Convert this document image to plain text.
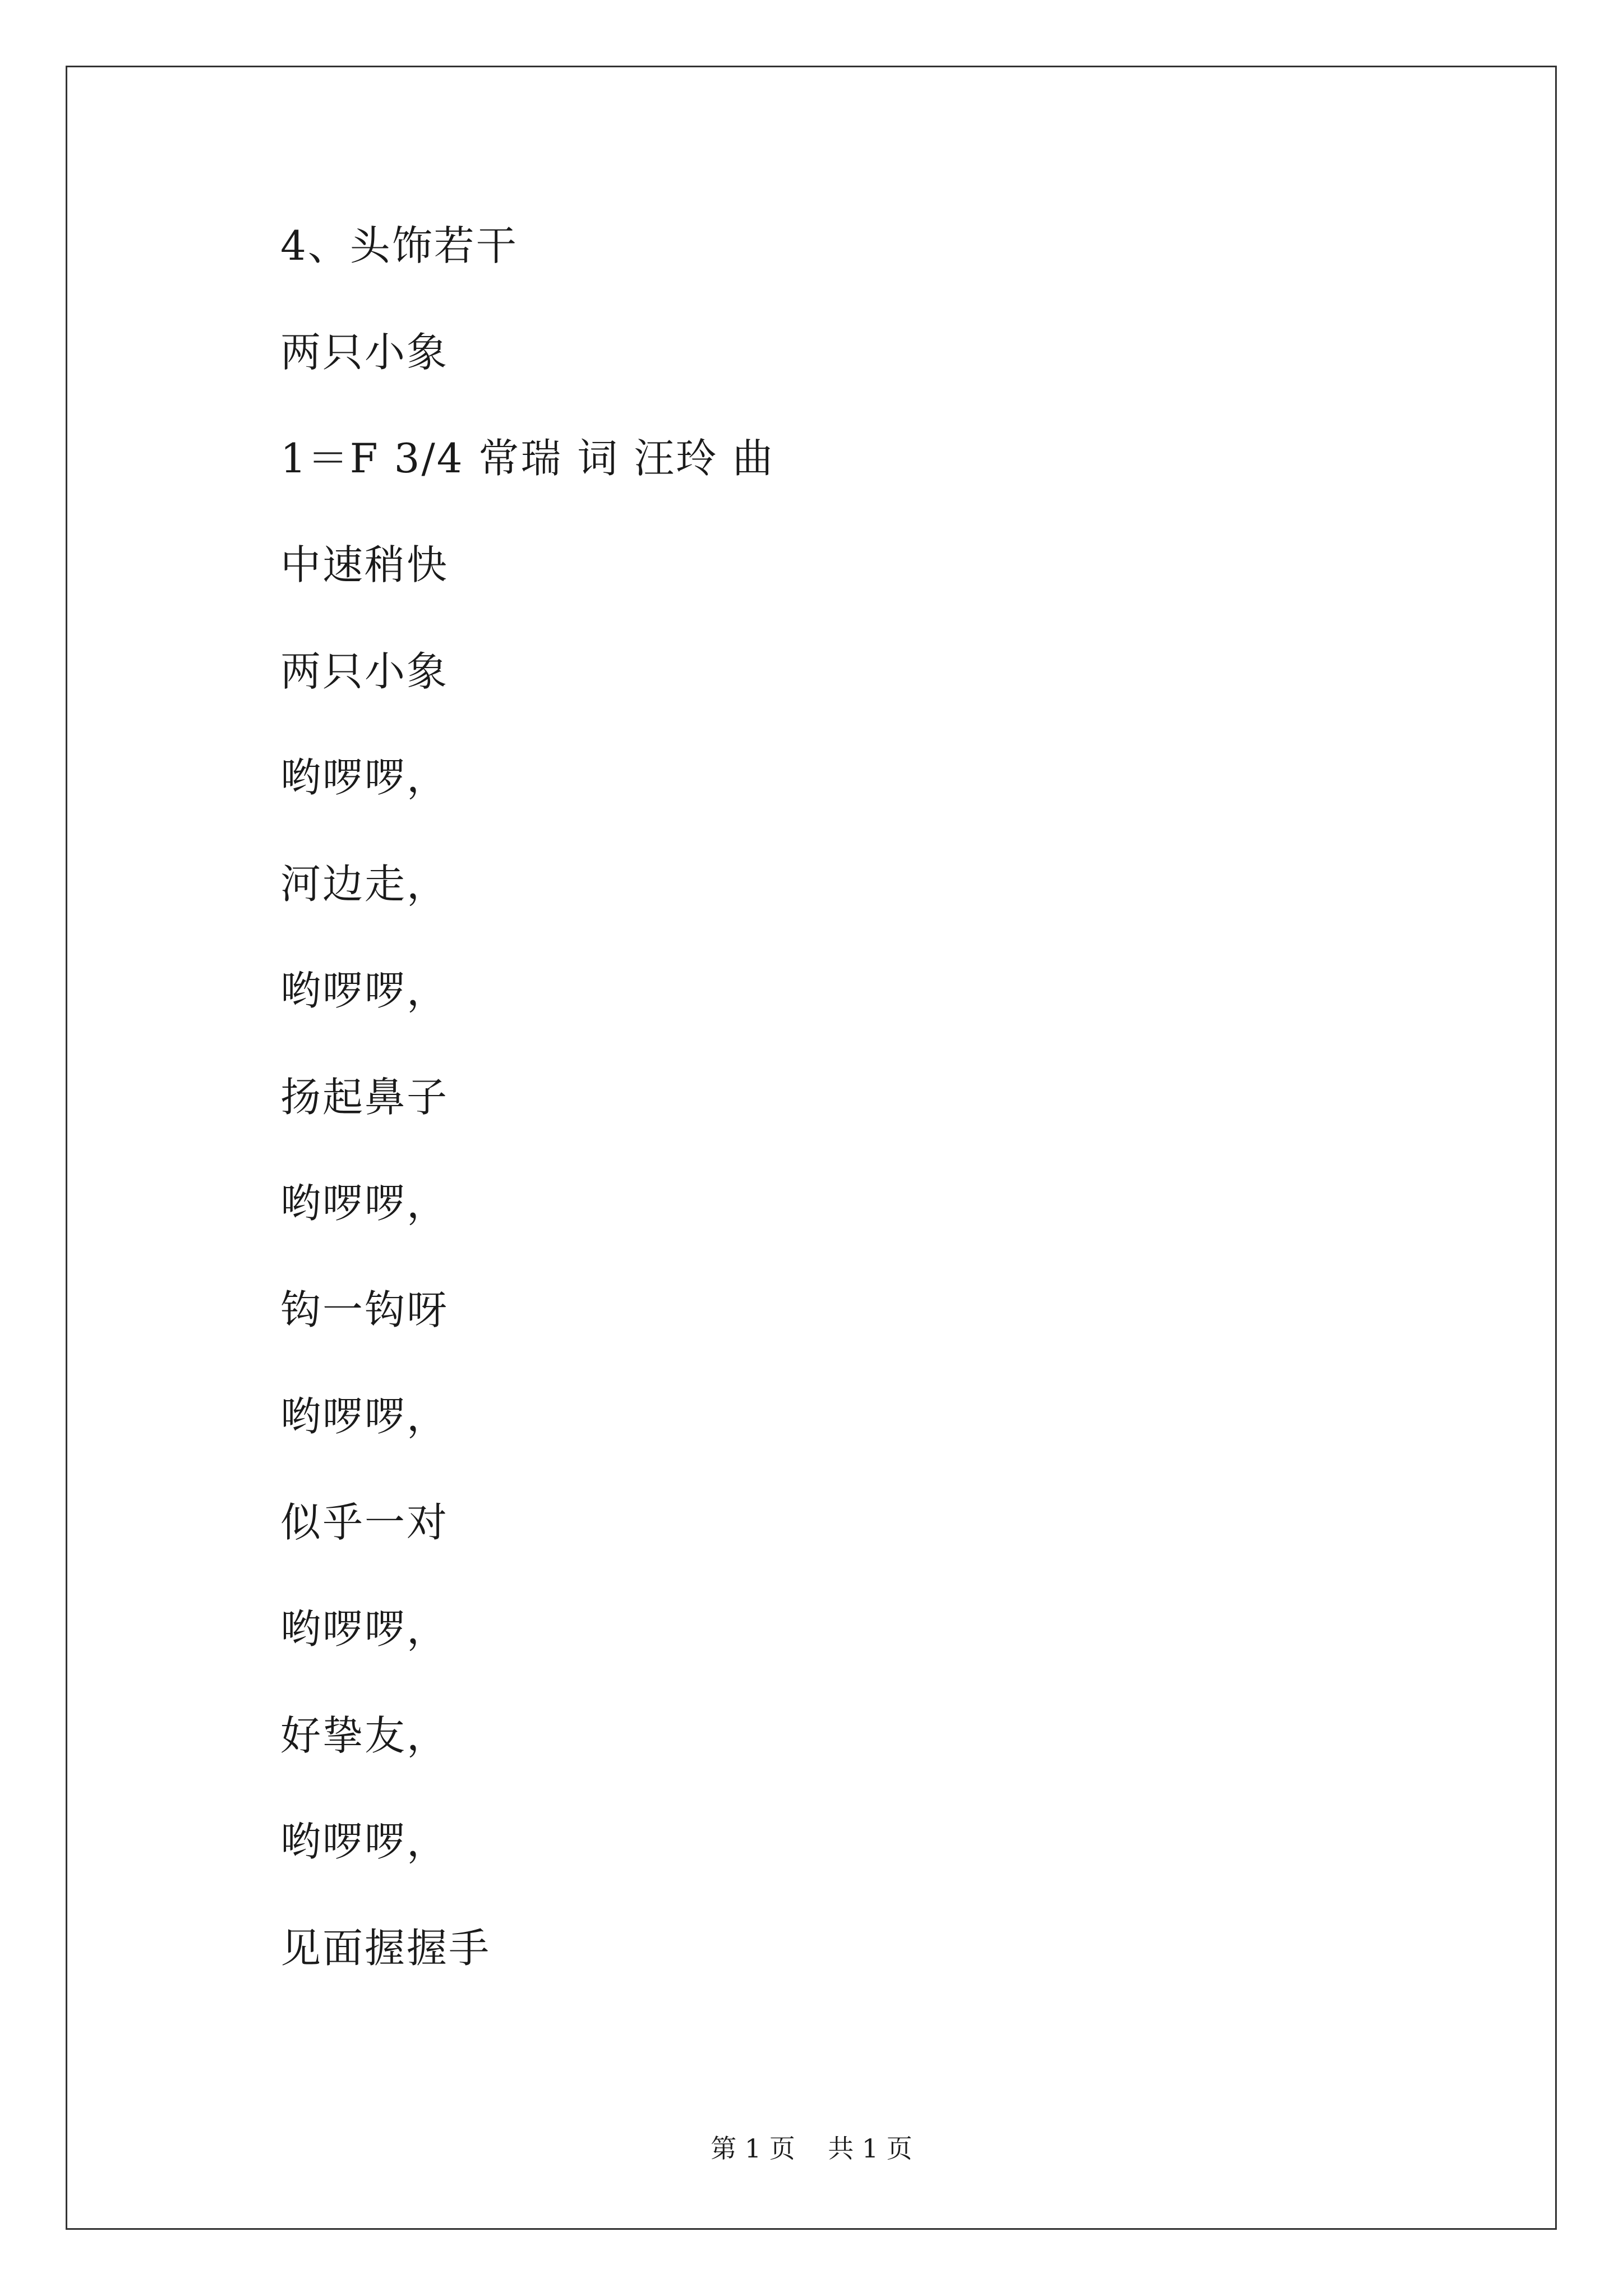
4、头饰若干
两只小象
1＝F 3/4 常瑞 词 汪玲 曲
中速稍快
两只小象
哟啰啰，
河边走，
哟啰啰，
扬起鼻子
哟啰啰，
钩一钩呀
哟啰啰，
似乎一对
哟啰啰，
好挚友，
哟啰啰，
见面握握手
第 1 页    共 1 页
